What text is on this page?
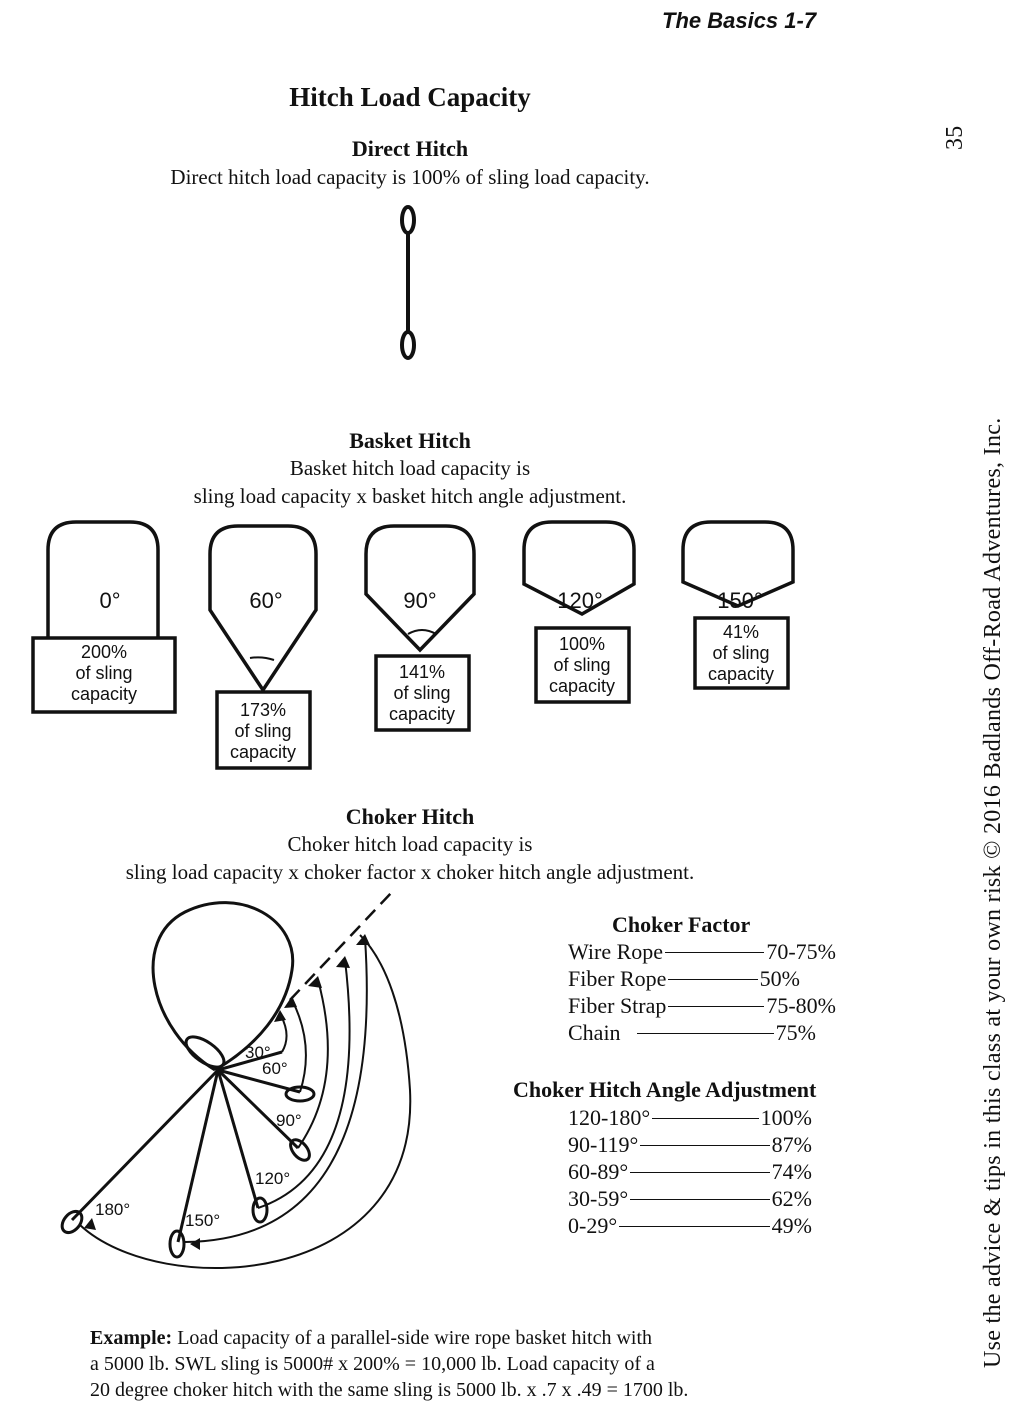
The Basics 1-7
35
Use the advice & tips in this class at your own risk © 2016 Badlands Off-Road Adventures, Inc.
Hitch Load Capacity
Direct Hitch
Direct hitch load capacity is 100% of sling load capacity.
Basket Hitch
Basket hitch load capacity is
sling load capacity x basket hitch angle adjustment.
0°	60°	90°	120°	150°
200%
of sling
capacity
173%
of sling
capacity
141%
of sling
capacity
100%
of sling
capacity
41%
of sling
capacity
Choker Hitch
Choker hitch load capacity is
sling load capacity x choker factor x choker hitch angle adjustment.
30°
60°
90°
120°
150°
180°
Choker Factor
Wire Rope	70-75%
Fiber Rope	50%
Fiber Strap	75-80%
Chain	75%
Choker Hitch Angle Adjustment
120-180°	100%
90-119°	87%
60-89°	74%
30-59°	62%
0-29°	49%
Example: Load capacity of a parallel-side wire rope basket hitch with
a 5000 lb. SWL sling is 5000# x 200% = 10,000 lb. Load capacity of a
20 degree choker hitch with the same sling is 5000 lb. x .7 x .49 = 1700 lb.
